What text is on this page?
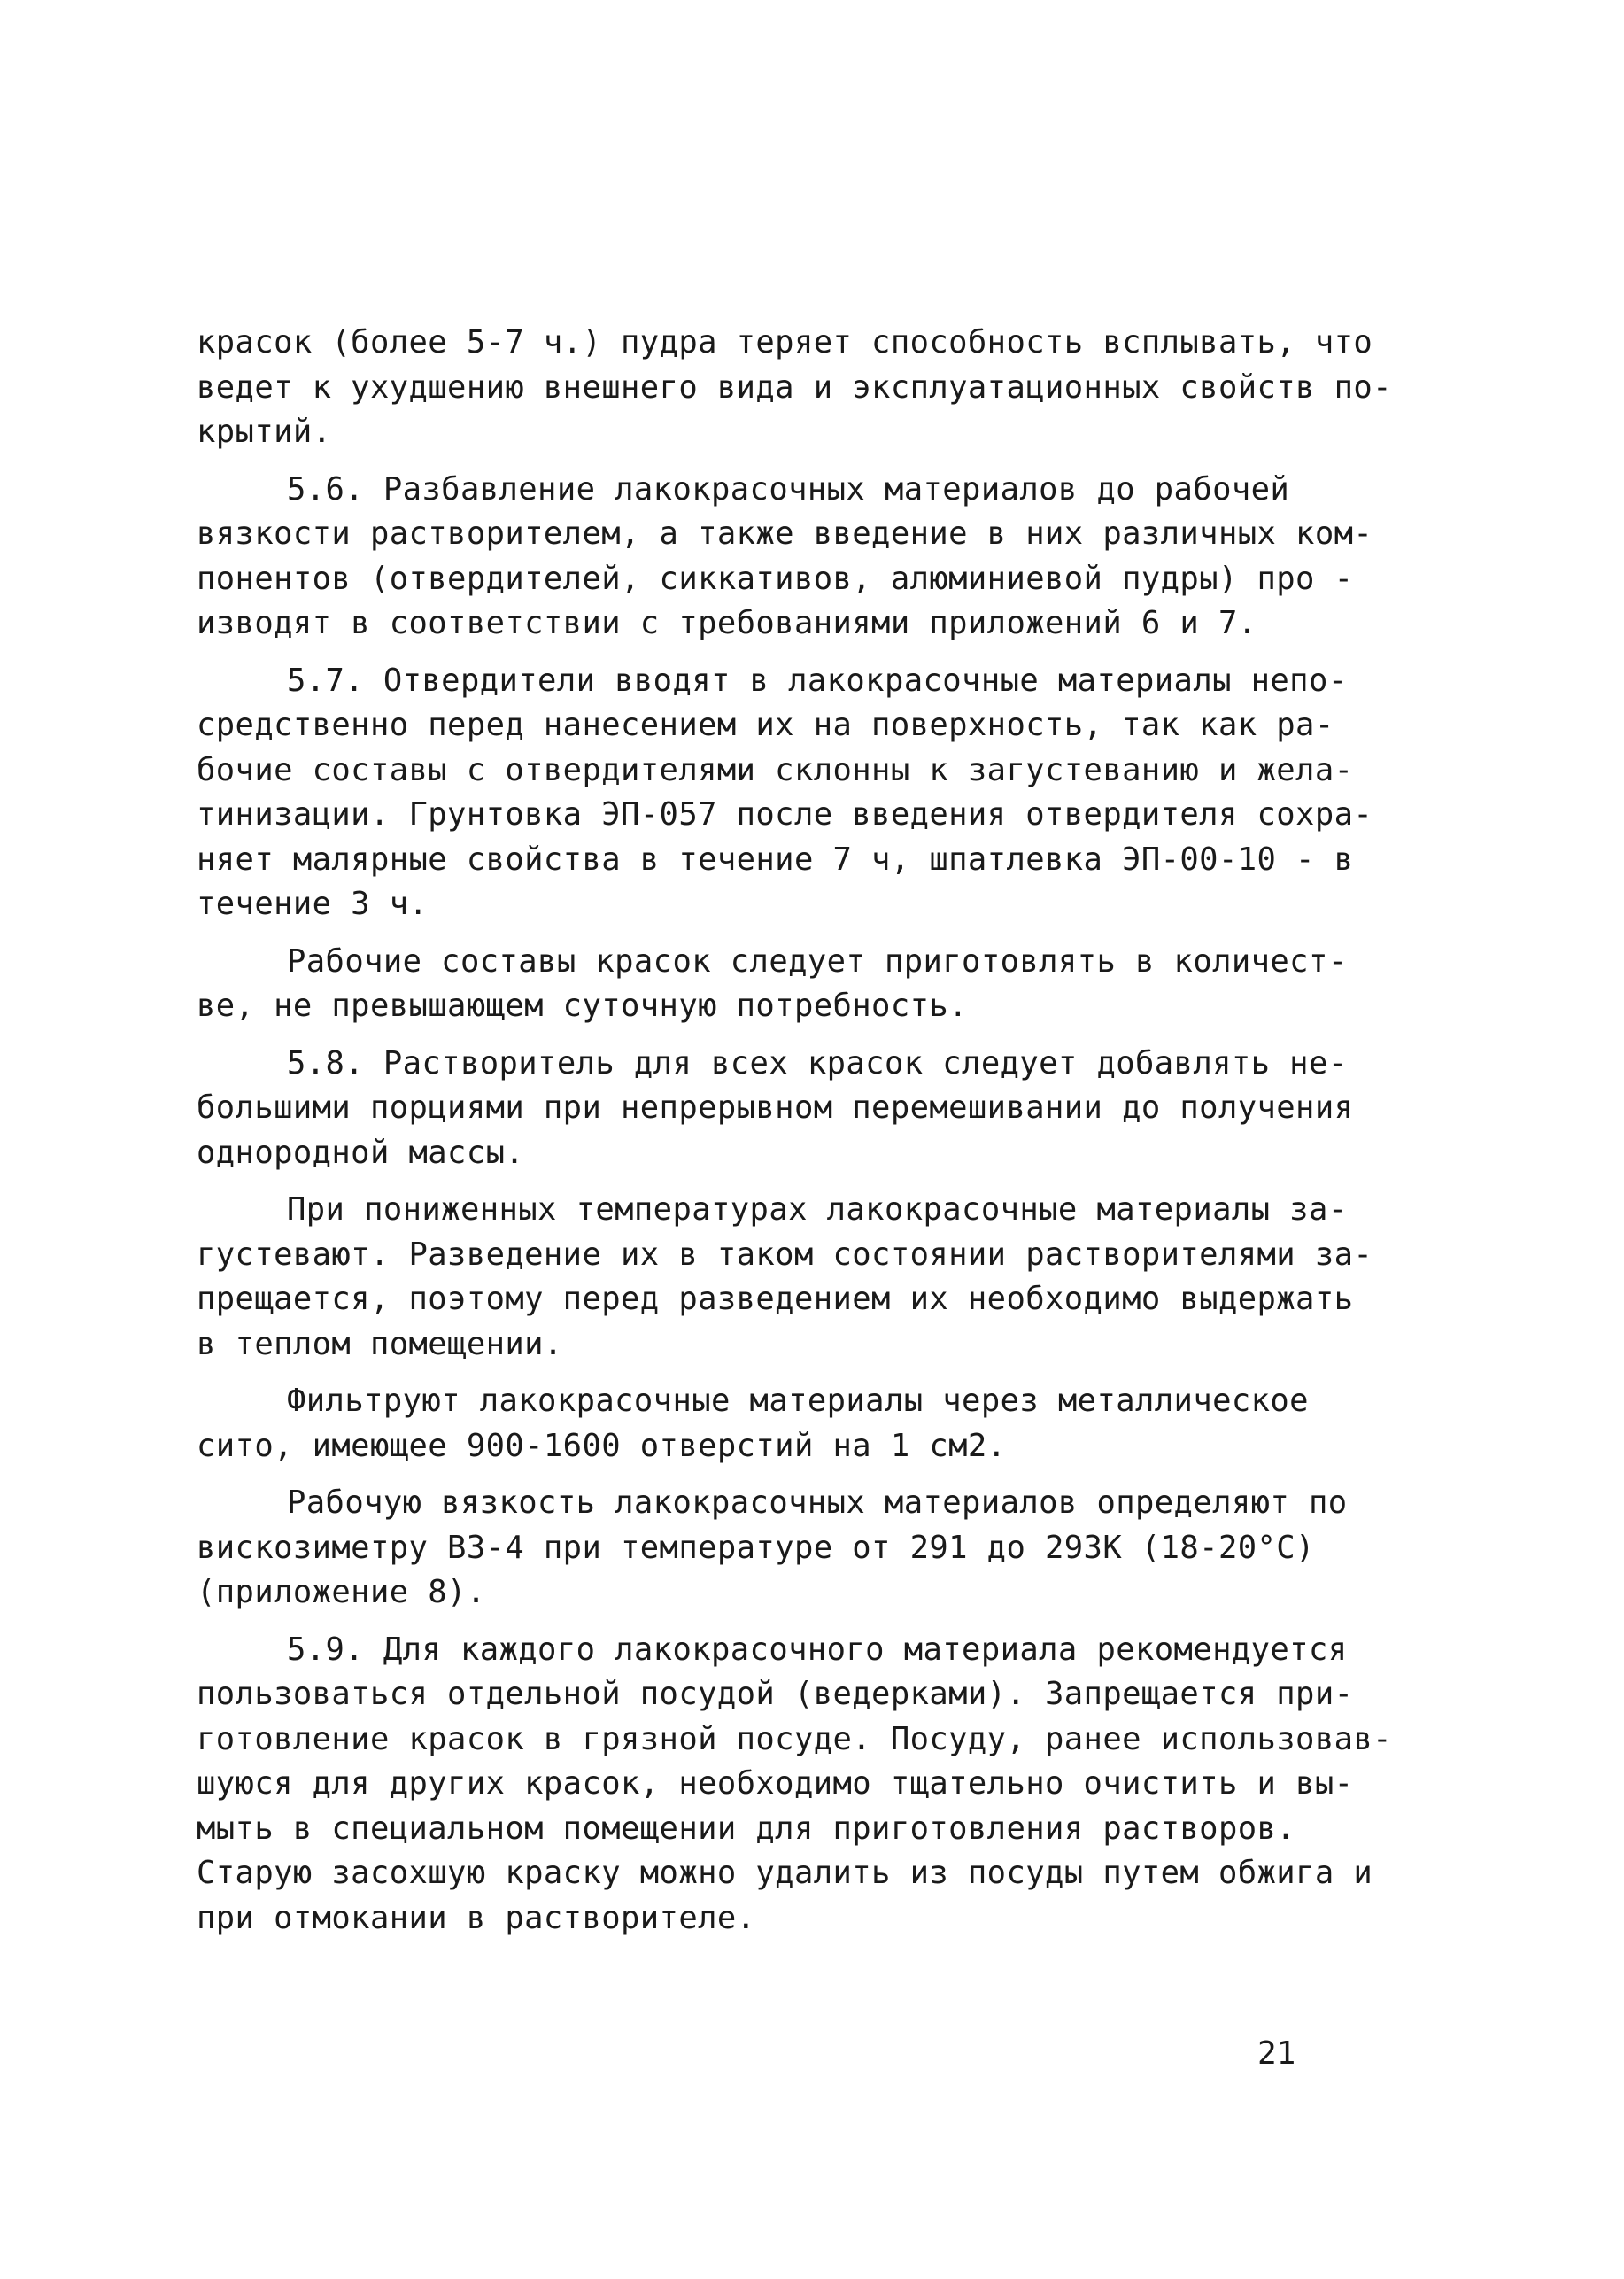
красок (более 5-7 ч.) пудра теряет способность всплывать, что
ведет к ухудшению внешнего вида и эксплуатационных свойств по-
крытий.
5.6. Разбавление лакокрасочных материалов до рабочей
вязкости растворителем, а также введение в них различных ком-
понентов (отвердителей, сиккативов, алюминиевой пудры) про -
изводят в соответствии с требованиями приложений 6 и 7.
5.7. Отвердители вводят в лакокрасочные материалы непо-
средственно перед нанесением их на поверхность, так как ра-
бочие составы с отвердителями склонны к загустеванию и жела-
тинизации. Грунтовка ЭП-057 после введения отвердителя сохра-
няет малярные свойства в течение 7 ч, шпатлевка ЭП-00-10 - в
течение 3 ч.
Рабочие составы красок следует приготовлять в количест-
ве, не превышающем суточную потребность.
5.8. Растворитель для всех красок следует добавлять не-
большими порциями при непрерывном перемешивании до получения
однородной массы.
При пониженных температурах лакокрасочные материалы за-
густевают. Разведение их в таком состоянии растворителями за-
прещается, поэтому перед разведением их необходимо выдержать
в теплом помещении.
Фильтруют лакокрасочные материалы через металлическое
сито, имеющее 900-1600 отверстий на 1 см2.
Рабочую вязкость лакокрасочных материалов определяют по
вискозиметру ВЗ-4 при температуре от 291 до 293К (18-20°С)
(приложение 8).
5.9. Для каждого лакокрасочного материала рекомендуется
пользоваться отдельной посудой (ведерками). Запрещается при-
готовление красок в грязной посуде. Посуду, ранее использовав-
шуюся для других красок, необходимо тщательно очистить и вы-
мыть в специальном помещении для приготовления растворов.
Старую засохшую краску можно удалить из посуды путем обжига и
при отмокании в растворителе.
21
